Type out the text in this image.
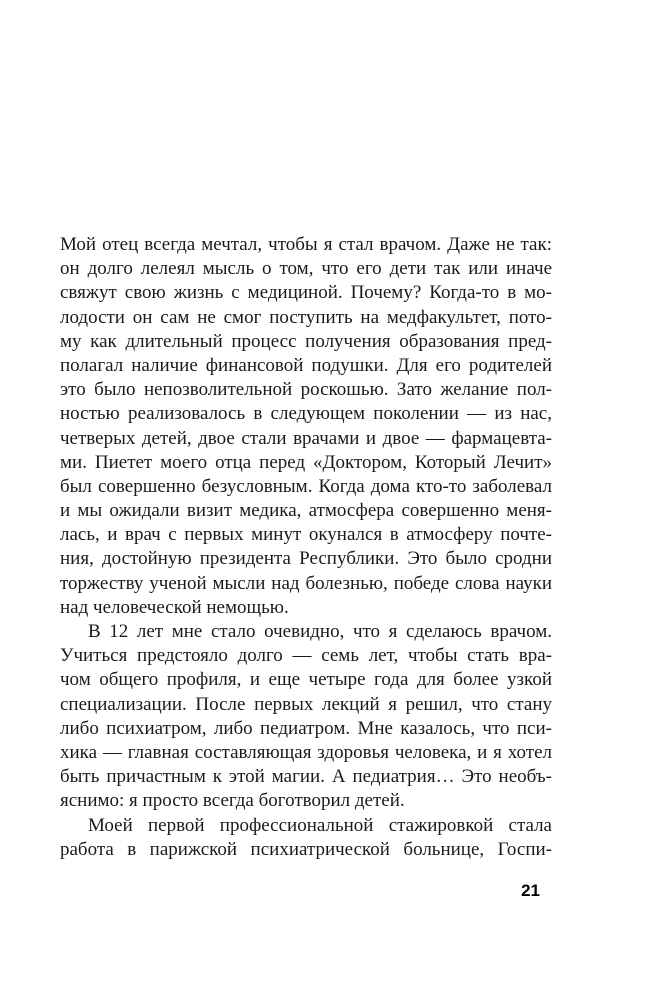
Мой отец всегда мечтал, чтобы я стал врачом. Даже не так:
он долго лелеял мысль о том, что его дети так или иначе
свяжут свою жизнь с медициной. Почему? Когда-то в мо-
лодости он сам не смог поступить на медфакультет, пото-
му как длительный процесс получения образования пред-
полагал наличие финансовой подушки. Для его родителей
это было непозволительной роскошью. Зато желание пол-
ностью реализовалось в следующем поколении — из нас,
четверых детей, двое стали врачами и двое — фармацевта-
ми. Пиетет моего отца перед «Доктором, Который Лечит»
был совершенно безусловным. Когда дома кто-то заболевал
и мы ожидали визит медика, атмосфера совершенно меня-
лась, и врач с первых минут окунался в атмосферу почте-
ния, достойную президента Республики. Это было сродни
торжеству ученой мысли над болезнью, победе слова науки
над человеческой немощью.
В 12 лет мне стало очевидно, что я сделаюсь врачом.
Учиться предстояло долго — семь лет, чтобы стать вра-
чом общего профиля, и еще четыре года для более узкой
специализации. После первых лекций я решил, что стану
либо психиатром, либо педиатром. Мне казалось, что пси-
хика — главная составляющая здоровья человека, и я хотел
быть причастным к этой магии. А педиатрия… Это необъ-
яснимо: я просто всегда боготворил детей.
Моей первой профессиональной стажировкой стала
работа в парижской психиатрической больнице, Госпи-
21
